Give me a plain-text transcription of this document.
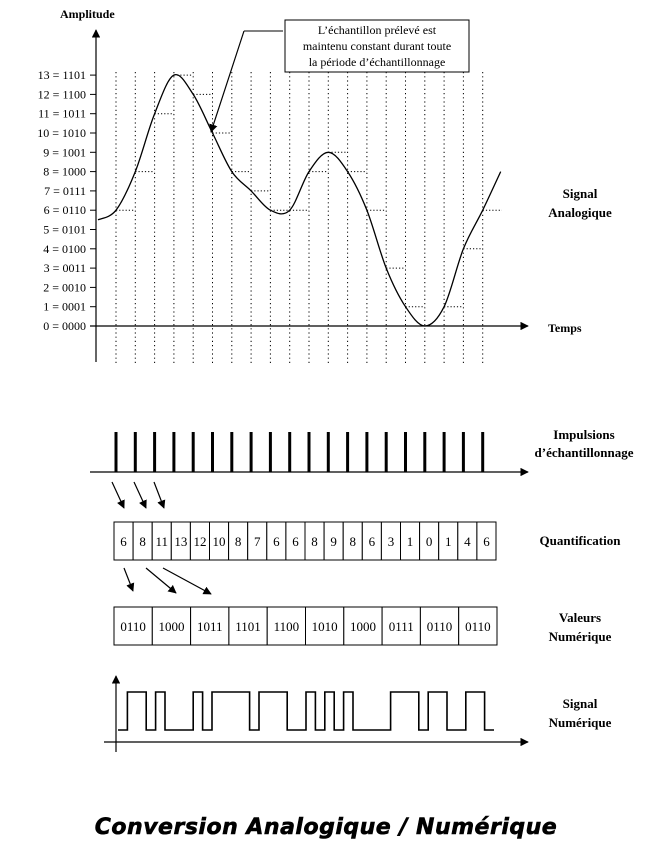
Amplitude
Temps
0 = 0000
1 = 0001
2 = 0010
3 = 0011
4 = 0100
5 = 0101
6 = 0110
7 = 0111
8 = 1000
9 = 1001
10 = 1010
11 = 1011
12 = 1100
13 = 1101
L’échantillon prélevé est
maintenu constant durant toute
la période d’échantillonnage
Signal
Analogique
Impulsions
d’échantillonnage
6 8 11 13 12 10 8 7 6 6 8 9 8 6 3 1 0 1 4 6	Quantification
0110 1000 1011 1101 1100 1010 1000 0111 0110 0110
Valeurs
Numérique
Signal
Numérique
Conversion Analogique / Numérique
